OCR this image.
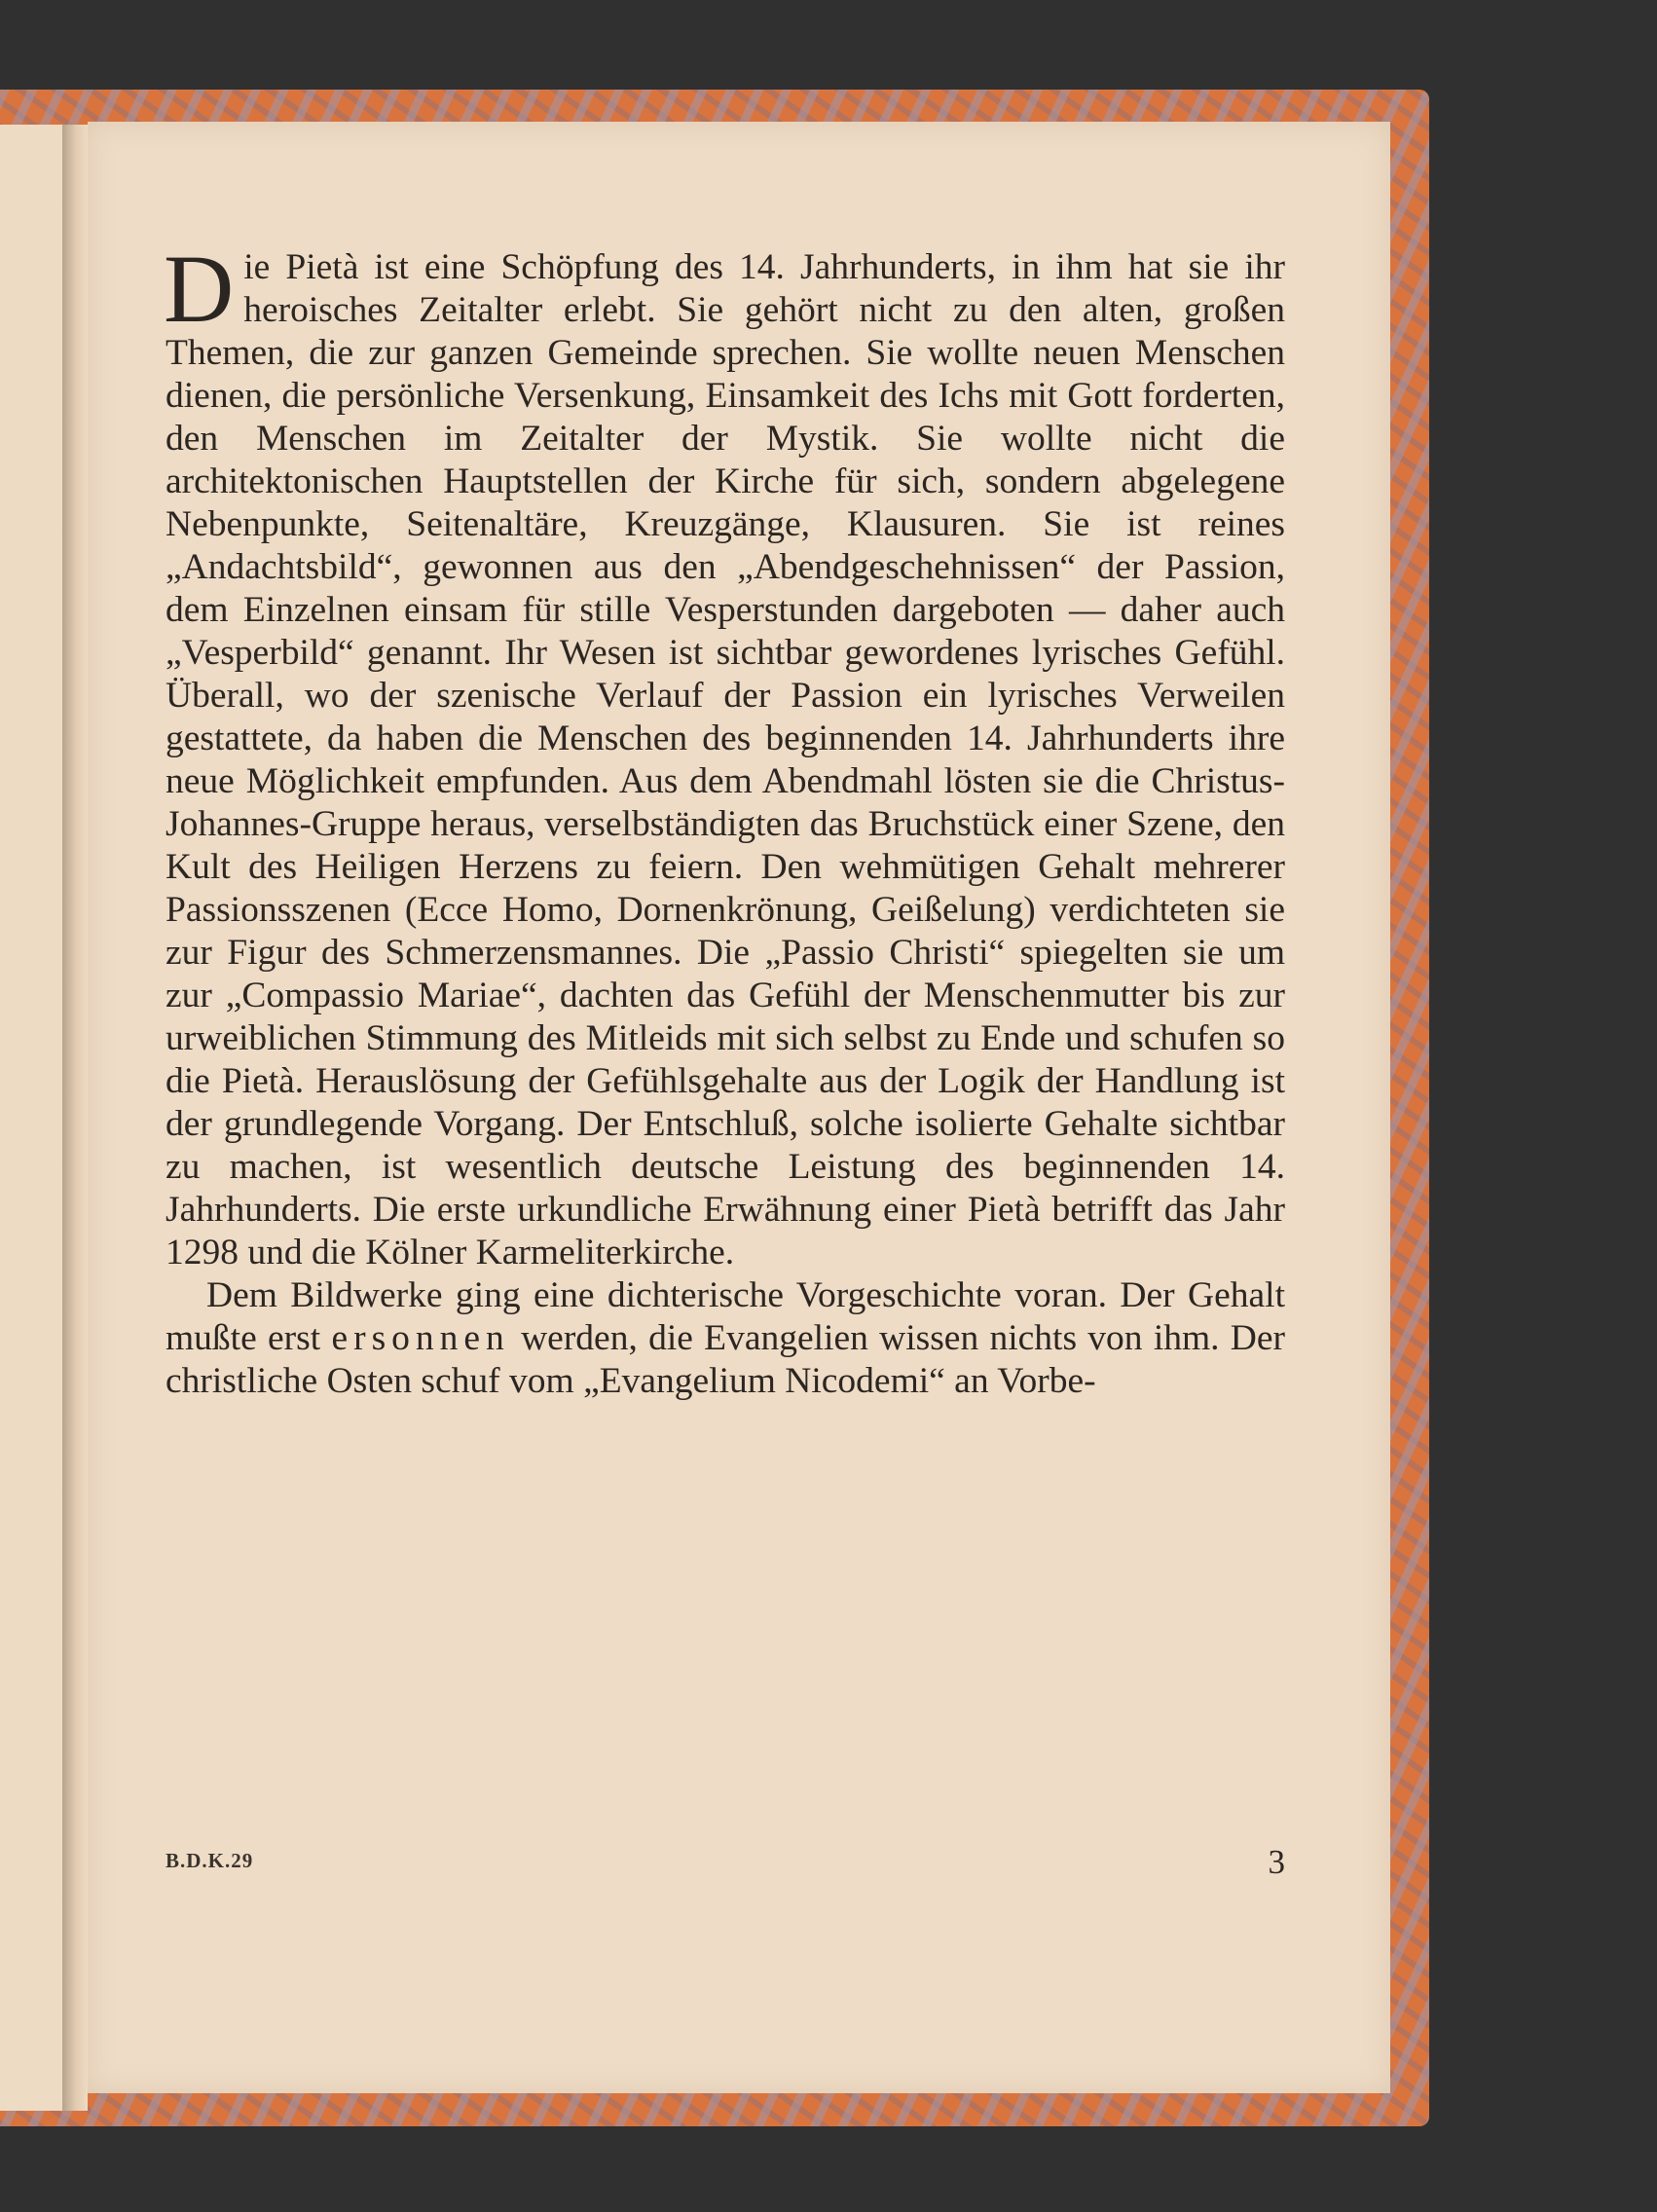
Die Pietà ist eine Schöpfung des 14. Jahrhunderts, in ihm hat sie ihr heroisches Zeitalter erlebt. Sie gehört nicht zu den alten, großen Themen, die zur ganzen Gemeinde sprechen. Sie wollte neuen Menschen dienen, die persönliche Versenkung, Einsamkeit des Ichs mit Gott forderten, den Menschen im Zeitalter der Mystik. Sie wollte nicht die architektonischen Hauptstellen der Kirche für sich, sondern abgelegene Nebenpunkte, Seitenaltäre, Kreuzgänge, Klausuren. Sie ist reines „Andachtsbild“, gewonnen aus den „Abendgeschehnissen“ der Passion, dem Einzelnen einsam für stille Vesperstunden dargeboten — daher auch „Vesperbild“ genannt. Ihr Wesen ist sichtbar gewordenes lyrisches Gefühl. Überall, wo der szenische Verlauf der Passion ein lyrisches Verweilen gestattete, da haben die Menschen des beginnenden 14. Jahrhunderts ihre neue Möglichkeit empfunden. Aus dem Abendmahl lösten sie die Christus-Johannes-Gruppe heraus, verselbständigten das Bruchstück einer Szene, den Kult des Heiligen Herzens zu feiern. Den wehmütigen Gehalt mehrerer Passionsszenen (Ecce Homo, Dornenkrönung, Geißelung) verdichteten sie zur Figur des Schmerzensmannes. Die „Passio Christi“ spiegelten sie um zur „Compassio Mariae“, dachten das Gefühl der Menschenmutter bis zur urweiblichen Stimmung des Mitleids mit sich selbst zu Ende und schufen so die Pietà. Herauslösung der Gefühlsgehalte aus der Logik der Handlung ist der grundlegende Vorgang. Der Entschluß, solche isolierte Gehalte sichtbar zu machen, ist wesentlich deutsche Leistung des beginnenden 14. Jahrhunderts. Die erste urkundliche Erwähnung einer Pietà betrifft das Jahr 1298 und die Kölner Karmeliterkirche.

Dem Bildwerke ging eine dichterische Vorgeschichte voran. Der Gehalt mußte erst ersonnen werden, die Evangelien wissen nichts von ihm. Der christliche Osten schuf vom „Evangelium Nicodemi“ an Vorbe-

B.D.K.29	3
